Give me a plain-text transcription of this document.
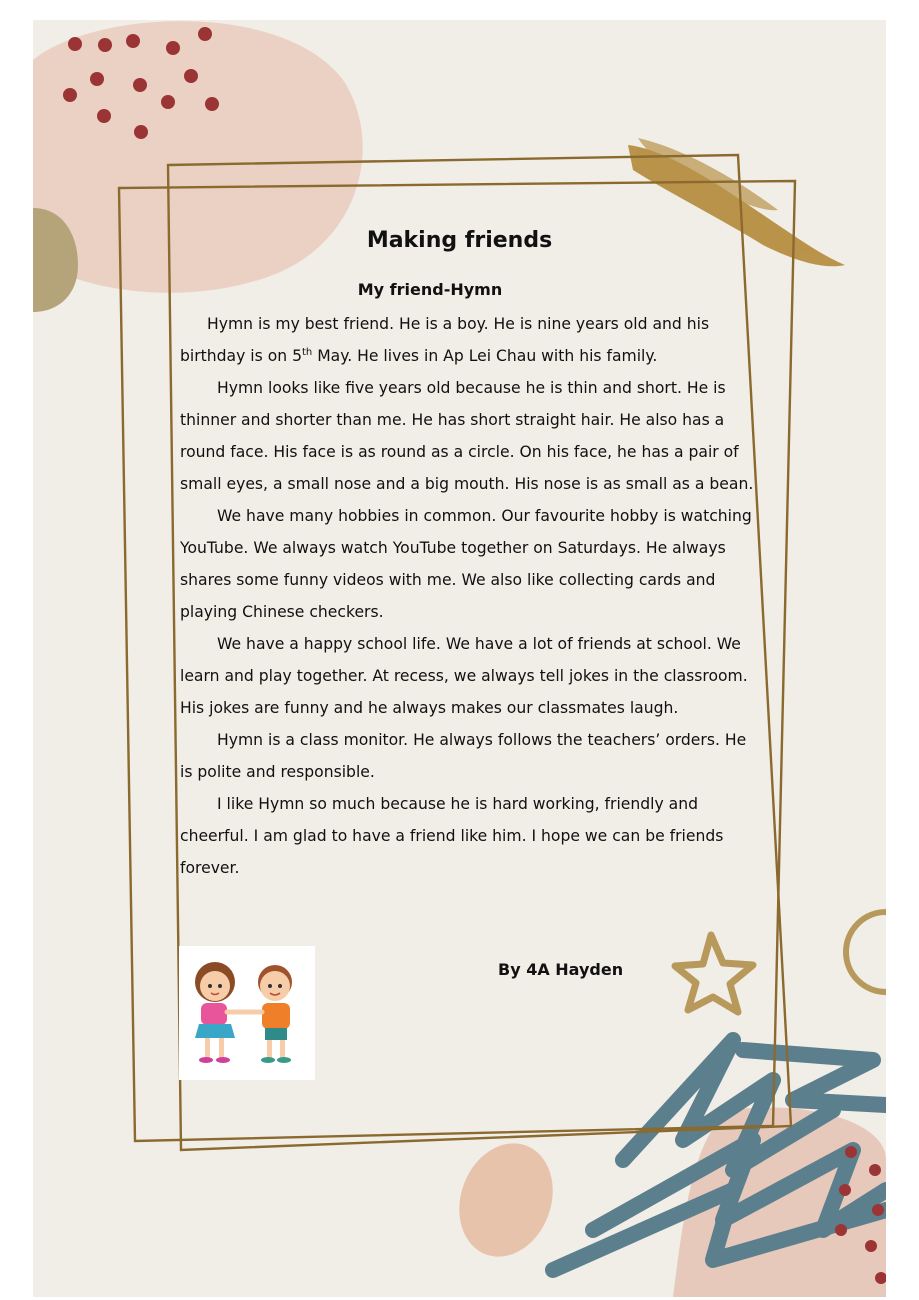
Making friends
My friend-Hymn

Hymn is my best friend. He is a boy. He is nine years old and his birthday is on 5th May. He lives in Ap Lei Chau with his family.

Hymn looks like five years old because he is thin and short. He is thinner and shorter than me. He has short straight hair. He also has a round face. His face is as round as a circle. On his face, he has a pair of small eyes, a small nose and a big mouth. His nose is as small as a bean.

We have many hobbies in common. Our favourite hobby is watching YouTube. We always watch YouTube together on Saturdays. He always shares some funny videos with me. We also like collecting cards and playing Chinese checkers.

We have a happy school life. We have a lot of friends at school. We learn and play together. At recess, we always tell jokes in the classroom. His jokes are funny and he always makes our classmates laugh.

Hymn is a class monitor. He always follows the teachers’ orders. He is polite and responsible.

I like Hymn so much because he is hard working, friendly and cheerful. I am glad to have a friend like him. I hope we can be friends forever.

By 4A Hayden
